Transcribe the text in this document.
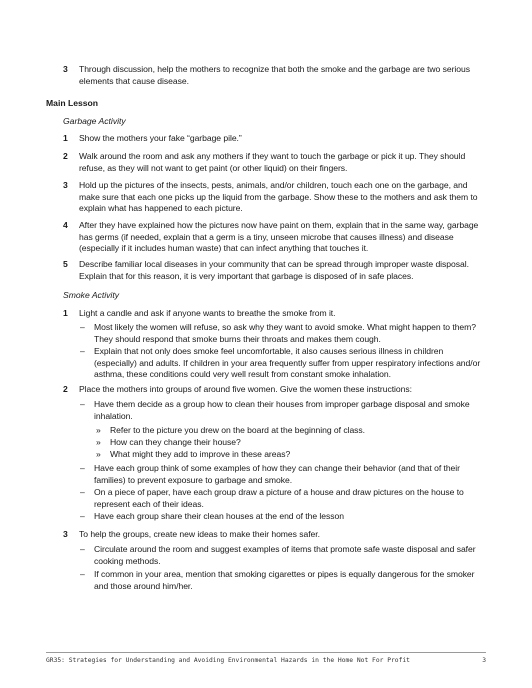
3 Through discussion, help the mothers to recognize that both the smoke and the garbage are two serious elements that cause disease.
Main Lesson
Garbage Activity
1 Show the mothers your fake “garbage pile.”
2 Walk around the room and ask any mothers if they want to touch the garbage or pick it up. They should refuse, as they will not want to get paint (or other liquid) on their fingers.
3 Hold up the pictures of the insects, pests, animals, and/or children, touch each one on the garbage, and make sure that each one picks up the liquid from the garbage. Show these to the mothers and ask them to explain what has happened to each picture.
4 After they have explained how the pictures now have paint on them, explain that in the same way, garbage has germs (if needed, explain that a germ is a tiny, unseen microbe that causes illness) and disease (especially if it includes human waste) that can infect anything that touches it.
5 Describe familiar local diseases in your community that can be spread through improper waste disposal. Explain that for this reason, it is very important that garbage is disposed of in safe places.
Smoke Activity
1 Light a candle and ask if anyone wants to breathe the smoke from it.
– Most likely the women will refuse, so ask why they want to avoid smoke. What might happen to them? They should respond that smoke burns their throats and makes them cough.
– Explain that not only does smoke feel uncomfortable, it also causes serious illness in children (especially) and adults. If children in your area frequently suffer from upper respiratory infections and/or asthma, these conditions could very well result from constant smoke inhalation.
2 Place the mothers into groups of around five women. Give the women these instructions:
– Have them decide as a group how to clean their houses from improper garbage disposal and smoke inhalation.
» Refer to the picture you drew on the board at the beginning of class.
» How can they change their house?
» What might they add to improve in these areas?
– Have each group think of some examples of how they can change their behavior (and that of their families) to prevent exposure to garbage and smoke.
– On a piece of paper, have each group draw a picture of a house and draw pictures on the house to represent each of their ideas.
– Have each group share their clean houses at the end of the lesson
3 To help the groups, create new ideas to make their homes safer.
– Circulate around the room and suggest examples of items that promote safe waste disposal and safer cooking methods.
– If common in your area, mention that smoking cigarettes or pipes is equally dangerous for the smoker and those around him/her.
GR35: Strategies for Understanding and Avoiding Environmental Hazards in the Home Not For Profit	3
